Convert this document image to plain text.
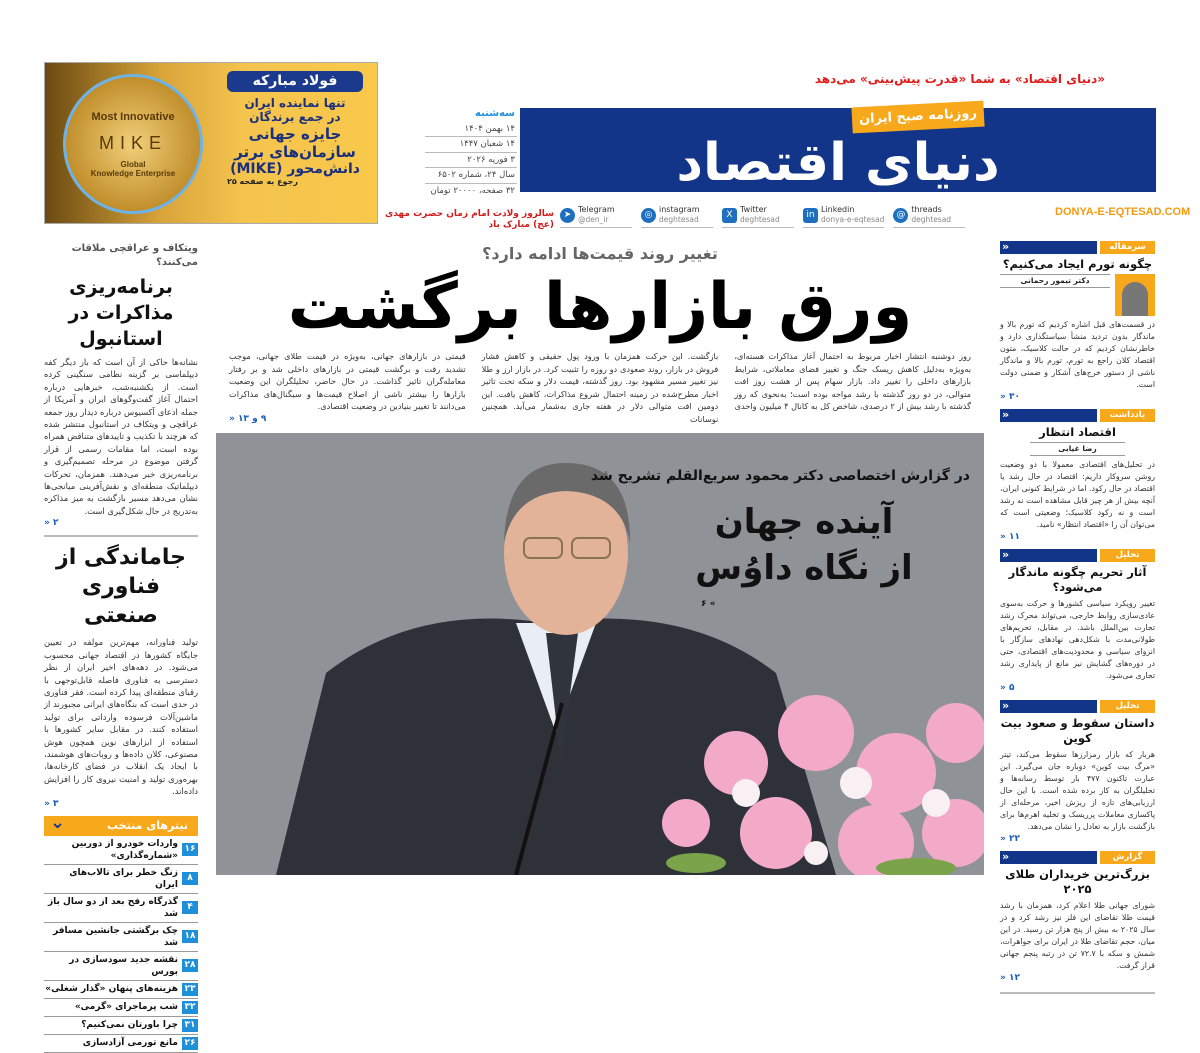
Most Innovative
MIKE
Global
Knowledge Enterprise
فولاد مبارکه
تنها نماینده ایران
در جمع برندگان
جایزه جهانی
سازمان‌های برتر
دانش‌محور (MIKE)
رجوع به صفحه ۲۵	دنیای اقتصاد
«دنیای اقتصاد» به شما «قدرت پیش‌بینی» می‌دهد
روزنامه صبح ایران
سه‌شنبه
۱۴ بهمن ۱۴۰۴
۱۴ شعبان ۱۴۴۷
۳ فوریه ۲۰۲۶
سال ۲۴، شماره ۶۵۰۲
۳۲ صفحه، ۲۰۰۰۰ تومان
سالروز ولادت امام زمان حضرت مهدی (عج) مبارک باد
➤
Telegram
@den_ir	◎
instagram
deghtesad	X
Twitter
deghtesad	in
Linkedin
donya-e-eqtesad	@
threads
deghtesad
DONYA-E-EQTESAD.COM
ویتکاف و عراقچی ملاقات می‌کنند؟
برنامه‌ریزی مذاکرات در استانبول
نشانه‌ها حاکی از آن است که بار دیگر کفه دیپلماسی بر گزینه نظامی سنگینی کرده است. از یکشنبه‌شب، خبرهایی درباره احتمال آغاز گفت‌وگوهای ایران و آمریکا از جمله ادعای آکسیوس درباره دیدار روز جمعه عراقچی و ویتکاف در استانبول منتشر شده که هرچند با تکذیب و تاییدهای متناقض همراه بوده است، اما مقامات رسمی از قرار گرفتن موضوع در مرحله تصمیم‌گیری و برنامه‌ریزی خبر می‌دهند. همزمان، تحرکات دیپلماتیک منطقه‌ای و نقش‌آفرینی میانجی‌ها نشان می‌دهد مسیر بازگشت به میز مذاکره به‌تدریج در حال شکل‌گیری است.
۲ «
جاماندگی از فناوری صنعتی
تولید فناورانه، مهم‌ترین مولفه در تعیین جایگاه کشورها در اقتصاد جهانی محسوب می‌شود. در دهه‌های اخیر ایران از نظر دسترسی به فناوری فاصله قابل‌توجهی با رقبای منطقه‌ای پیدا کرده است. فقر فناوری در حدی است که بنگاه‌های ایرانی مجبورند از ماشین‌آلات فرسوده وارداتی برای تولید استفاده کنند. در مقابل سایر کشورها با استفاده از ابزارهای نوین همچون هوش مصنوعی، کلان داده‌ها و روبات‌های هوشمند، با ایجاد یک انقلاب در فضای کارخانه‌ها، بهره‌وری تولید و امنیت نیروی کار را افزایش داده‌اند.
۳ «
تیترهای منتخب
⌄
۱۶
واردات خودرو از دوربین «شماره‌گذاری»
۸
زنگ خطر برای تالاب‌های ایران
۴
گذرگاه رفح بعد از دو سال باز شد
۱۸
چک برگشتی جانشین مسافر شد
۲۸
نقشه جدید سودسازی در بورس
۲۳
هزینه‌های پنهان «گذار شغلی»
۳۲
شب پرماجرای «گرمی»
۳۱
چرا باورتان نمی‌کنیم؟
۲۶
مانع تورمی آزادسازی
تغییر روند قیمت‌ها ادامه دارد؟
ورق بازارها برگشت
روز دوشنبه انتشار اخبار مربوط به احتمال آغاز مذاکرات هسته‌ای، به‌ویژه به‌دلیل کاهش ریسک جنگ و تغییر فضای معاملاتی، شرایط بازارهای داخلی را تغییر داد. بازار سهام پس از هشت روز افت متوالی، در دو روز گذشته با رشد مواجه بوده است؛ به‌نحوی که روز گذشته با رشد بیش از ۲ درصدی، شاخص کل به کانال ۴ میلیون واحدی
بازگشت. این حرکت همزمان با ورود پول حقیقی و کاهش فشار فروش در بازار، روند صعودی دو روزه را تثبیت کرد. در بازار ارز و طلا نیز تغییر مسیر مشهود بود. روز گذشته، قیمت دلار و سکه تحت تاثیر اخبار مطرح‌شده در زمینه احتمال شروع مذاکرات، کاهش یافت. این دومین افت متوالی دلار در هفته جاری به‌شمار می‌آید. همچنین نوسانات
قیمتی در بازارهای جهانی، به‌ویژه در قیمت طلای جهانی، موجب تشدید رفت و برگشت قیمتی در بازارهای داخلی شد و بر رفتار معامله‌گران تاثیر گذاشت. در حال حاضر، تحلیلگران این وضعیت بازارها را بیشتر ناشی از اصلاح قیمت‌ها و سیگنال‌های مذاکرات می‌دانند تا تغییر بنیادین در وضعیت اقتصادی.
۹ و ۱۳ «
در گزارش اختصاصی دکتر محمود سریع‌القلم تشریح شد
آینده جهان از نگاه داوُس
۶ «
سرمقاله
«
چگونه تورم ایجاد می‌کنیم؟
دکتر تیمور رحمانی
در قسمت‌های قبل اشاره کردیم که تورم بالا و ماندگار بدون تردید منشأ سیاستگذاری دارد و خاطرنشان کردیم که در حالت کلاسیک، متون اقتصاد کلان راجع به تورم، تورم بالا و ماندگار ناشی از دستور خرج‌های آشکار و ضمنی دولت است.
۳۰ «
یادداشت
«
اقتصاد انتظار
رضا غیابی
در تحلیل‌های اقتصادی معمولا با دو وضعیت روشن سروکار داریم: اقتصاد در حال رشد یا اقتصاد در حال رکود. اما در شرایط کنونی ایران، آنچه بیش از هر چیز قابل مشاهده است نه رشد است و نه رکود کلاسیک؛ وضعیتی است که می‌توان آن را «اقتصاد انتظار» نامید.
۱۱ «
تحلیل
«
آثار تحریم چگونه ماندگار می‌شود؟
تغییر رویکرد سیاسی کشورها و حرکت به‌سوی عادی‌سازی روابط خارجی، می‌تواند محرک رشد تجارت بین‌الملل باشد. در مقابل، تحریم‌های طولانی‌مدت با شکل‌دهی نهادهای سازگار با انزوای سیاسی و محدودیت‌های اقتصادی، حتی در دوره‌های گشایش نیز مانع از پایداری رشد تجاری می‌شود.
۵ «
تحلیل
«
داستان سقوط و صعود بیت کوین
هربار که بازار رمزارزها سقوط می‌کند، تیتر «مرگ بیت کوین» دوباره جان می‌گیرد. این عبارت تاکنون ۴۷۷ بار توسط رسانه‌ها و تحلیلگران به کار برده شده است. با این حال ارزیابی‌های تازه از ریزش اخیر، مرحله‌ای از پاکسازی معاملات پرریسک و تخلیه اهرم‌ها برای بازگشت بازار به تعادل را نشان می‌دهد.
۲۲ «
گزارش
«
بزرگ‌ترین خریداران طلای ۲۰۲۵
شورای جهانی طلا اعلام کرد، همزمان با رشد قیمت طلا تقاضای این فلز نیز رشد کرد و در سال ۲۰۲۵ به بیش از پنج هزار تن رسید. در این میان، حجم تقاضای طلا در ایران برای جواهرات، شمش و سکه با ۷۲.۷ تن در رتبه پنجم جهانی قرار گرفت.
۱۲ «
